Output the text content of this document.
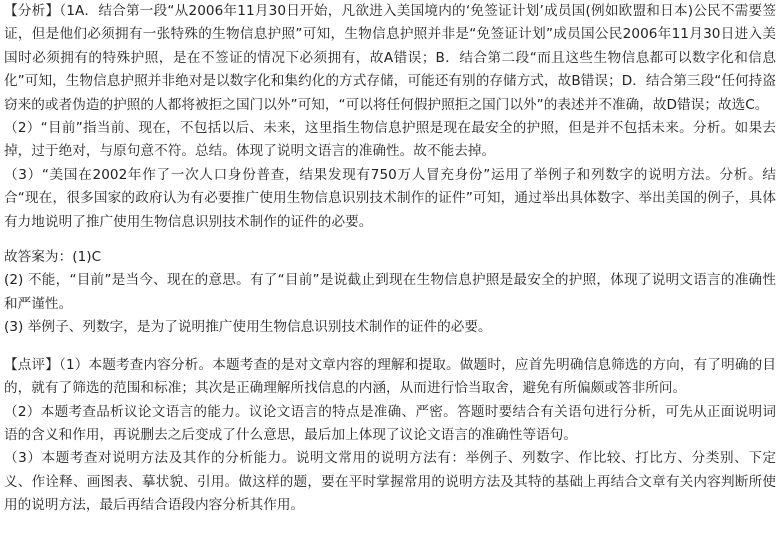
【分析】（1A．结合第一段“从2006年11月30日开始，凡欲进入美国境内的‘免签证计划’成员国(例如欧盟和日本)公民不需要签证，但是他们必须拥有一张特殊的生物信息护照”可知，生物信息护照并非是“免签证计划”成员国公民2006年11月30日进入美国时必须拥有的特殊护照，是在不签证的情况下必须拥有，故A错误；B．结合第二段“而且这些生物信息都可以数字化和信息化”可知，生物信息护照并非绝对是以数字化和集约化的方式存储，可能还有别的存储方式，故B错误；D．结合第三段“任何持盗窃来的或者伪造的护照的人都将被拒之国门以外”可知，“可以将任何假护照拒之国门以外”的表述并不准确，故D错误；故选C。

（2）“目前”指当前、现在，不包括以后、未来，这里指生物信息护照是现在最安全的护照，但是并不包括未来。分析。如果去掉，过于绝对，与原句意不符。总结。体现了说明文语言的准确性。故不能去掉。

（3）“美国在2002年作了一次人口身份普查，结果发现有750万人冒充身份”运用了举例子和列数字的说明方法。分析。结合“现在，很多国家的政府认为有必要推广使用生物信息识别技术制作的证件”可知，通过举出具体数字、举出美国的例子，具体有力地说明了推广使用生物信息识别技术制作的证件的必要。

故答案为：(1)C

(2) 不能，“目前”是当今、现在的意思。有了“目前”是说截止到现在生物信息护照是最安全的护照，体现了说明文语言的准确性和严谨性。

(3) 举例子、列数字，是为了说明推广使用生物信息识别技术制作的证件的必要。

【点评】（1）本题考查内容分析。本题考查的是对文章内容的理解和提取。做题时，应首先明确信息筛选的方向，有了明确的目的，就有了筛选的范围和标准；其次是正确理解所找信息的内涵，从而进行恰当取舍，避免有所偏颇或答非所问。

（2）本题考查品析议论文语言的能力。议论文语言的特点是准确、严密。答题时要结合有关语句进行分析，可先从正面说明词语的含义和作用，再说删去之后变成了什么意思，最后加上体现了议论文语言的准确性等语句。

（3）本题考查对说明方法及其作的分析能力。说明文常用的说明方法有：举例子、列数字、作比较、打比方、分类别、下定义、作诠释、画图表、摹状貌、引用。做这样的题，要在平时掌握常用的说明方法及其特的基础上再结合文章有关内容判断所使用的说明方法，最后再结合语段内容分析其作用。
